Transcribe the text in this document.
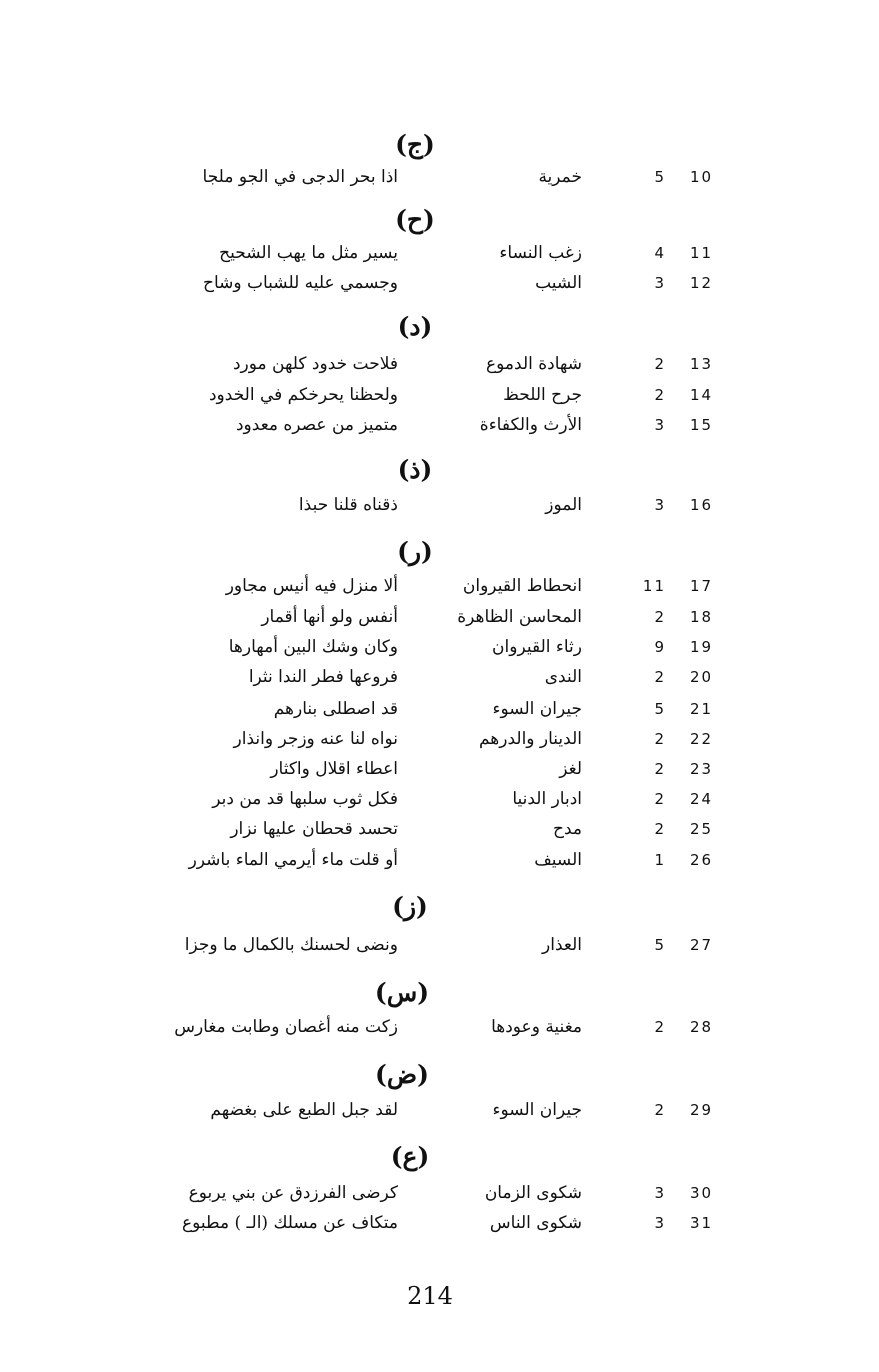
(ج)
10
5
خمرية
اذا بحر الدجى في الجو ملجا
(ح)
11
4
زغب النساء
يسير مثل ما يهب الشحيح
12
3
الشيب
وجسمي عليه للشباب وشاح
(د)
13
2
شهادة الدموع
فلاحت خدود كلهن مورد
14
2
جرح اللحظ
ولحظنا يحرخكم في الخدود
15
3
الأرث والكفاءة
متميز من عصره معدود
(ذ)
16
3
الموز
ذقناه قلنا حبذا
(ر)
17
11
انحطاط القيروان
ألا منزل فيه أنيس مجاور
18
2
المحاسن الظاهرة
أنفس ولو أنها أقمار
19
9
رثاء القيروان
وكان وشك البين أمهارها
20
2
الندى
فروعها فطر الندا نثرا
21
5
جيران السوء
قد اصطلى بنارهم
22
2
الدينار والدرهم
نواه لنا عنه وزجر وانذار
23
2
لغز
اعطاء اقلال واكثار
24
2
ادبار الدنيا
فكل ثوب سلبها قد من دبر
25
2
مدح
تحسد قحطان عليها نزار
26
1
السيف
أو قلت ماء أيرمي الماء باشرر
(ز)
27
5
العذار
ونضى لحسنك بالكمال ما وجزا
(س)
28
2
مغنية وعودها
زكت منه أغصان وطابت مغارس
(ض)
29
2
جيران السوء
لقد جبل الطبع على بغضهم
(ع)
30
3
شكوى الزمان
كرضى الفرزدق عن بني يربوع
31
3
شكوى الناس
متكاف عن مسلك (الـ ) مطبوع
214
